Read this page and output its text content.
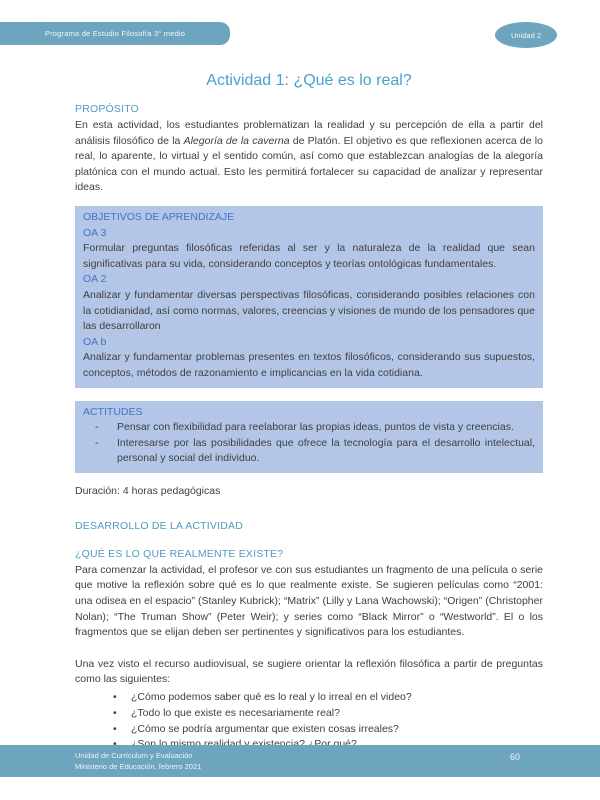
Programa de Estudio Filosofía 3° medio	Unidad 2
Actividad 1: ¿Qué es lo real?
PROPÓSITO
En esta actividad, los estudiantes problematizan la realidad y su percepción de ella a partir del análisis filosófico de la Alegoría de la caverna de Platón. El objetivo es que reflexionen acerca de lo real, lo aparente, lo virtual y el sentido común, así como que establezcan analogías de la alegoría platónica con el mundo actual. Esto les permitirá fortalecer su capacidad de analizar y representar ideas.
OBJETIVOS DE APRENDIZAJE
OA 3
Formular preguntas filosóficas referidas al ser y la naturaleza de la realidad que sean significativas para su vida, considerando conceptos y teorías ontológicas fundamentales.
OA 2
Analizar y fundamentar diversas perspectivas filosóficas, considerando posibles relaciones con la cotidianidad, así como normas, valores, creencias y visiones de mundo de los pensadores que las desarrollaron
OA b
Analizar y fundamentar problemas presentes en textos filosóficos, considerando sus supuestos, conceptos, métodos de razonamiento e implicancias en la vida cotidiana.
ACTITUDES
-	Pensar con flexibilidad para reelaborar las propias ideas, puntos de vista y creencias.
-	Interesarse por las posibilidades que ofrece la tecnología para el desarrollo intelectual, personal y social del individuo.
Duración: 4 horas pedagógicas
DESARROLLO DE LA ACTIVIDAD
¿QUÉ ES LO QUE REALMENTE EXISTE?
Para comenzar la actividad, el profesor ve con sus estudiantes un fragmento de una película o serie que motive la reflexión sobre qué es lo que realmente existe. Se sugieren películas como “2001: una odisea en el espacio” (Stanley Kubrick); “Matrix” (Lilly y Lana Wachowski); “Origen” (Christopher Nolan); “The Truman Show” (Peter Weir); y series como “Black Mirror” o “Westworld”. El o los fragmentos que se elijan deben ser pertinentes y significativos para los estudiantes.
Una vez visto el recurso audiovisual, se sugiere orientar la reflexión filosófica a partir de preguntas como las siguientes:
•	¿Cómo podemos saber qué es lo real y lo irreal en el video?
•	¿Todo lo que existe es necesariamente real?
•	¿Cómo se podría argumentar que existen cosas irreales?
Unidad de Currículum y Evaluación
Ministerio de Educación, febrero 2021
60
